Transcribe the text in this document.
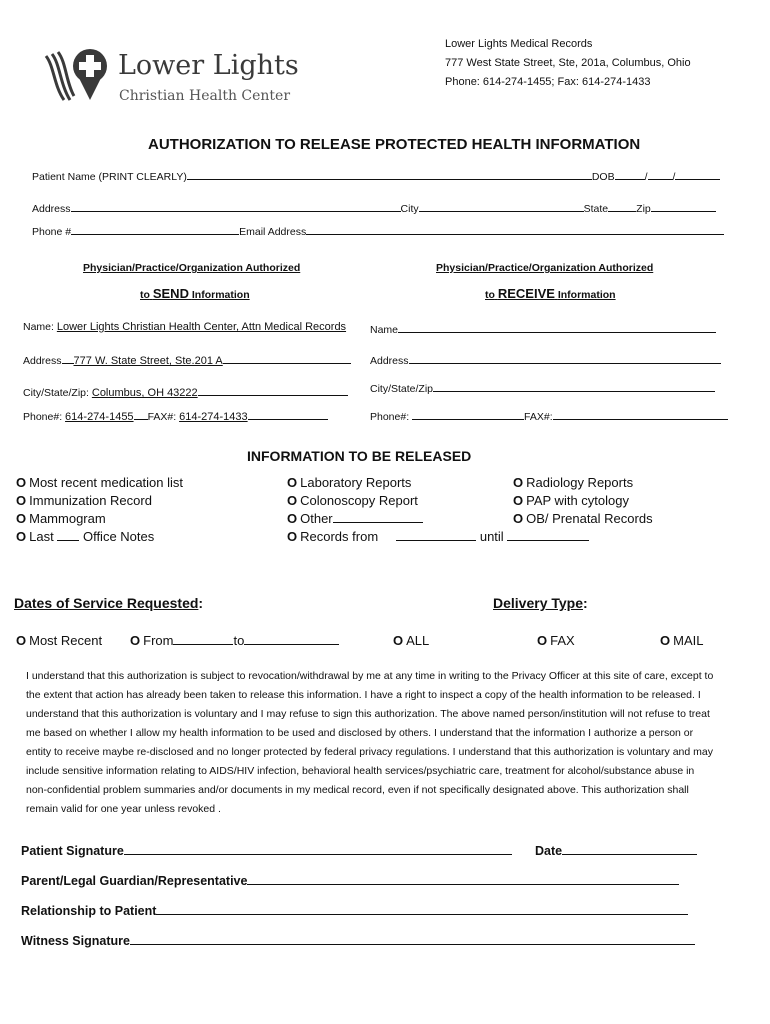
Lower Lights
Christian Health Center
Lower Lights Medical Records
777 West State Street, Ste, 201a, Columbus, Ohio
Phone: 614-274-1455; Fax: 614-274-1433
AUTHORIZATION TO RELEASE PROTECTED HEALTH INFORMATION
Patient Name (PRINT CLEARLY)	DOB	/ /
Address	City	State	Zip
Phone #	Email Address
Physician/Practice/Organization Authorized
to SEND Information
Physician/Practice/Organization Authorized
to RECEIVE Information
Name: Lower Lights Christian Health Center, Attn Medical Records
Address 777 W. State Street, Ste.201 A
City/State/Zip: Columbus, OH 43222
Phone#: 614-274-1455 FAX#: 614-274-1433
Name
Address
City/State/Zip
Phone#:	FAX#:
INFORMATION TO BE RELEASED
O Most recent medication list
O Immunization Record
O Mammogram
O Last Office Notes
O Laboratory Reports
O Colonoscopy Report
O Other
O Records from	until
O Radiology Reports
O PAP with cytology
O OB/ Prenatal Records
Dates of Service Requested:	Delivery Type:
O Most Recent O From	to	O ALL	O FAX	O MAIL
I understand that this authorization is subject to revocation/withdrawal by me at any time in writing to the Privacy Officer at this site of care, except to the extent that action has already been taken to release this information. I have a right to inspect a copy of the health information to be released. I understand that this authorization is voluntary and I may refuse to sign this authorization. The above named person/institution will not refuse to treat me based on whether I allow my health information to be used and disclosed by others. I understand that the information I authorize a person or entity to receive maybe re-disclosed and no longer protected by federal privacy regulations. I understand that this authorization is voluntary and may include sensitive information relating to AIDS/HIV infection, behavioral health services/psychiatric care, treatment for alcohol/substance abuse in non-confidential problem summaries and/or documents in my medical record, even if not specifically designated above. This authorization shall remain valid for one year unless revoked .
Patient Signature	Date
Parent/Legal Guardian/Representative
Relationship to Patient
Witness Signature
